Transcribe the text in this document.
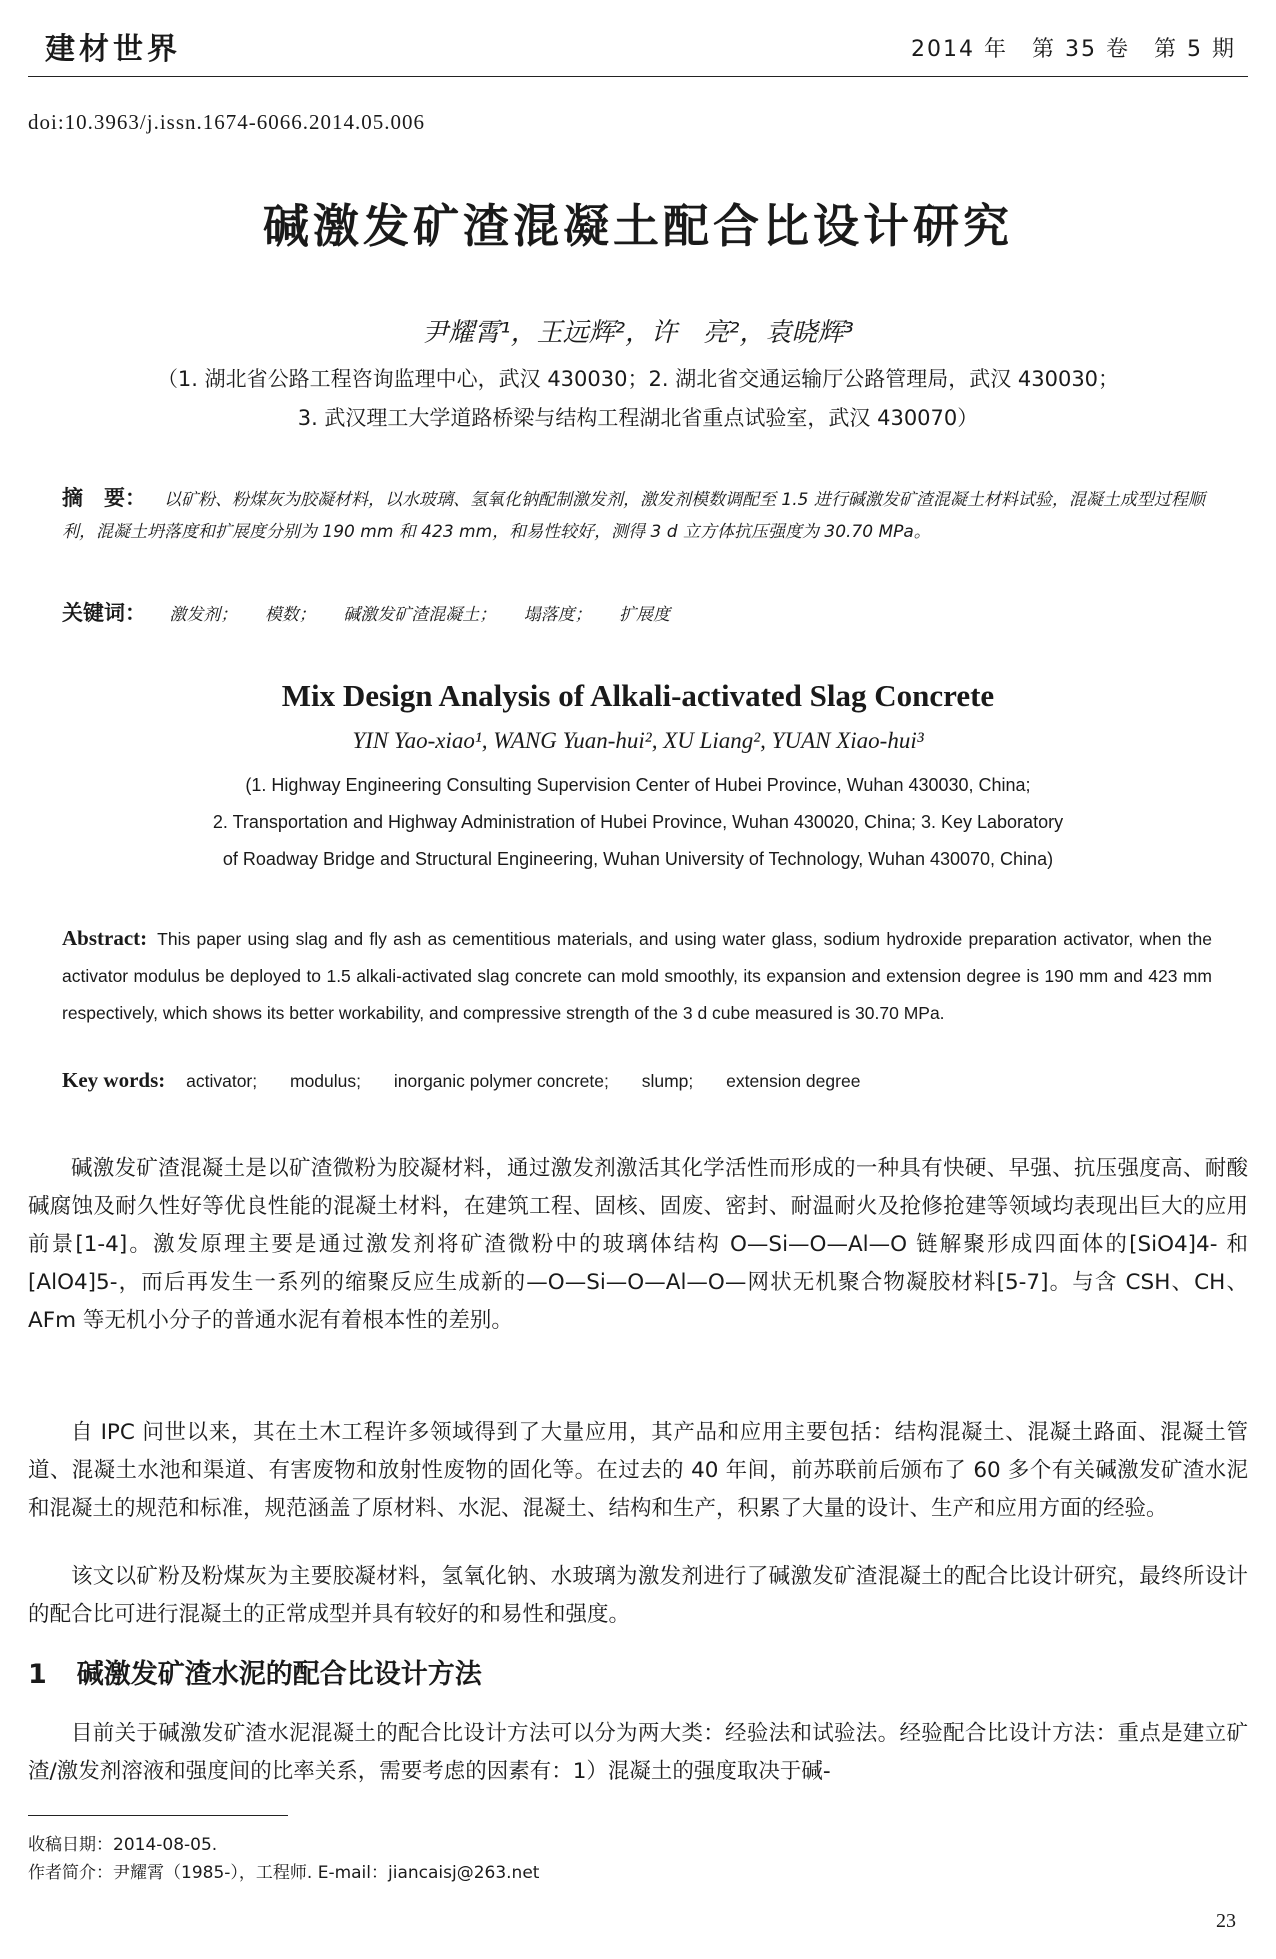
建材世界	2014 年　第 35 卷　第 5 期
doi:10.3963/j.issn.1674-6066.2014.05.006
碱激发矿渣混凝土配合比设计研究
尹耀霄¹，王远辉²，许　亮²，袁晓辉³
（1. 湖北省公路工程咨询监理中心，武汉 430030；2. 湖北省交通运输厅公路管理局，武汉 430030；
3. 武汉理工大学道路桥梁与结构工程湖北省重点试验室，武汉 430070）
摘　要： 以矿粉、粉煤灰为胶凝材料，以水玻璃、氢氧化钠配制激发剂，激发剂模数调配至 1.5 进行碱激发矿渣混凝土材料试验，混凝土成型过程顺利，混凝土坍落度和扩展度分别为 190 mm 和 423 mm，和易性较好，测得 3 d 立方体抗压强度为 30.70 MPa。
关键词： 激发剂； 模数； 碱激发矿渣混凝土； 塌落度； 扩展度
Mix Design Analysis of Alkali-activated Slag Concrete
YIN Yao-xiao¹, WANG Yuan-hui², XU Liang², YUAN Xiao-hui³
(1. Highway Engineering Consulting Supervision Center of Hubei Province, Wuhan 430030, China;
2. Transportation and Highway Administration of Hubei Province, Wuhan 430020, China; 3. Key Laboratory
of Roadway Bridge and Structural Engineering, Wuhan University of Technology, Wuhan 430070, China)
Abstract: This paper using slag and fly ash as cementitious materials, and using water glass, sodium hydroxide preparation activator, when the activator modulus be deployed to 1.5 alkali-activated slag concrete can mold smoothly, its expansion and extension degree is 190 mm and 423 mm respectively, which shows its better workability, and compressive strength of the 3 d cube measured is 30.70 MPa.
Key words: activator; modulus; inorganic polymer concrete; slump; extension degree
碱激发矿渣混凝土是以矿渣微粉为胶凝材料，通过激发剂激活其化学活性而形成的一种具有快硬、早强、抗压强度高、耐酸碱腐蚀及耐久性好等优良性能的混凝土材料，在建筑工程、固核、固废、密封、耐温耐火及抢修抢建等领域均表现出巨大的应用前景[1-4]。激发原理主要是通过激发剂将矿渣微粉中的玻璃体结构 O—Si—O—Al—O 链解聚形成四面体的[SiO4]4- 和 [AlO4]5-，而后再发生一系列的缩聚反应生成新的—O—Si—O—Al—O—网状无机聚合物凝胶材料[5-7]。与含 CSH、CH、AFm 等无机小分子的普通水泥有着根本性的差别。
自 IPC 问世以来，其在土木工程许多领域得到了大量应用，其产品和应用主要包括：结构混凝土、混凝土路面、混凝土管道、混凝土水池和渠道、有害废物和放射性废物的固化等。在过去的 40 年间，前苏联前后颁布了 60 多个有关碱激发矿渣水泥和混凝土的规范和标准，规范涵盖了原材料、水泥、混凝土、结构和生产，积累了大量的设计、生产和应用方面的经验。
该文以矿粉及粉煤灰为主要胶凝材料，氢氧化钠、水玻璃为激发剂进行了碱激发矿渣混凝土的配合比设计研究，最终所设计的配合比可进行混凝土的正常成型并具有较好的和易性和强度。
1 碱激发矿渣水泥的配合比设计方法
目前关于碱激发矿渣水泥混凝土的配合比设计方法可以分为两大类：经验法和试验法。经验配合比设计方法：重点是建立矿渣/激发剂溶液和强度间的比率关系，需要考虑的因素有：1）混凝土的强度取决于碱-
收稿日期：2014-08-05.
作者简介：尹耀霄（1985-），工程师. E-mail：jiancaisj@263.net
23
